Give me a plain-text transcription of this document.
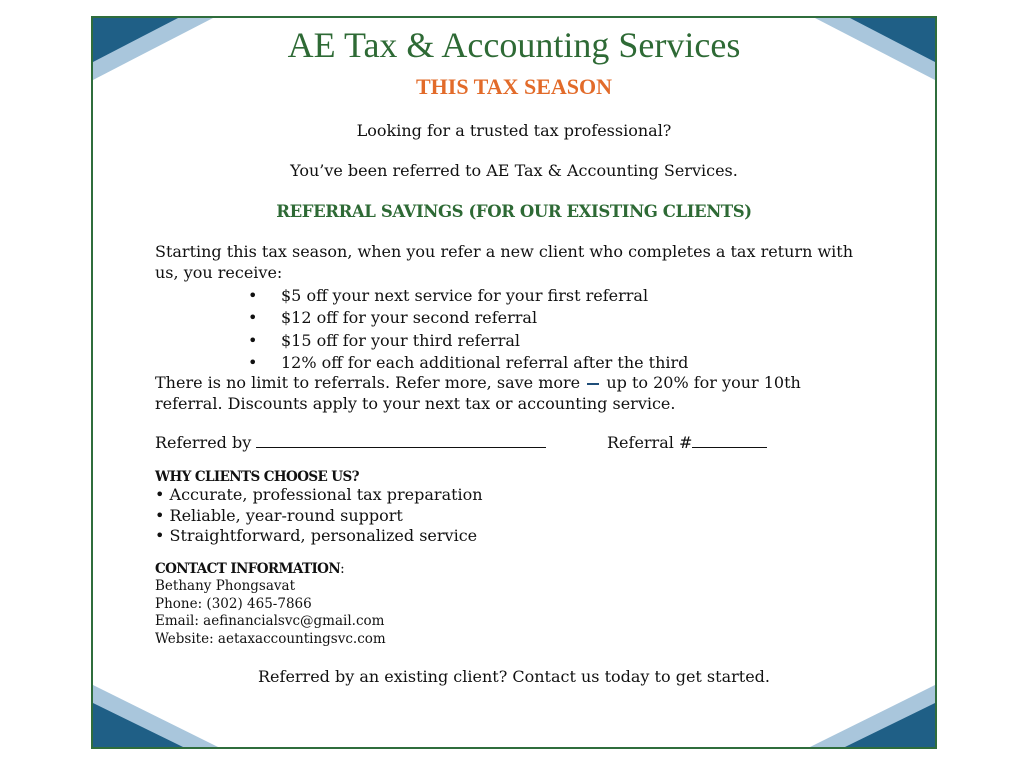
AE Tax & Accounting Services
THIS TAX SEASON
Looking for a trusted tax professional?
You’ve been referred to AE Tax & Accounting Services.
REFERRAL SAVINGS (FOR OUR EXISTING CLIENTS)
Starting this tax season, when you refer a new client who completes a tax return with us, you receive:
• $5 off your next service for your first referral
• $12 off for your second referral
• $15 off for your third referral
• 12% off for each additional referral after the third
There is no limit to referrals. Refer more, save more up to 20% for your 10th referral. Discounts apply to your next tax or accounting service.
Referred by	Referral #
WHY CLIENTS CHOOSE US?
• Accurate, professional tax preparation
• Reliable, year-round support
• Straightforward, personalized service
CONTACT INFORMATION:
Bethany Phongsavat
Phone: (302) 465-7866
Email: aefinancialsvc@gmail.com
Website: aetaxaccountingsvc.com
Referred by an existing client? Contact us today to get started.
